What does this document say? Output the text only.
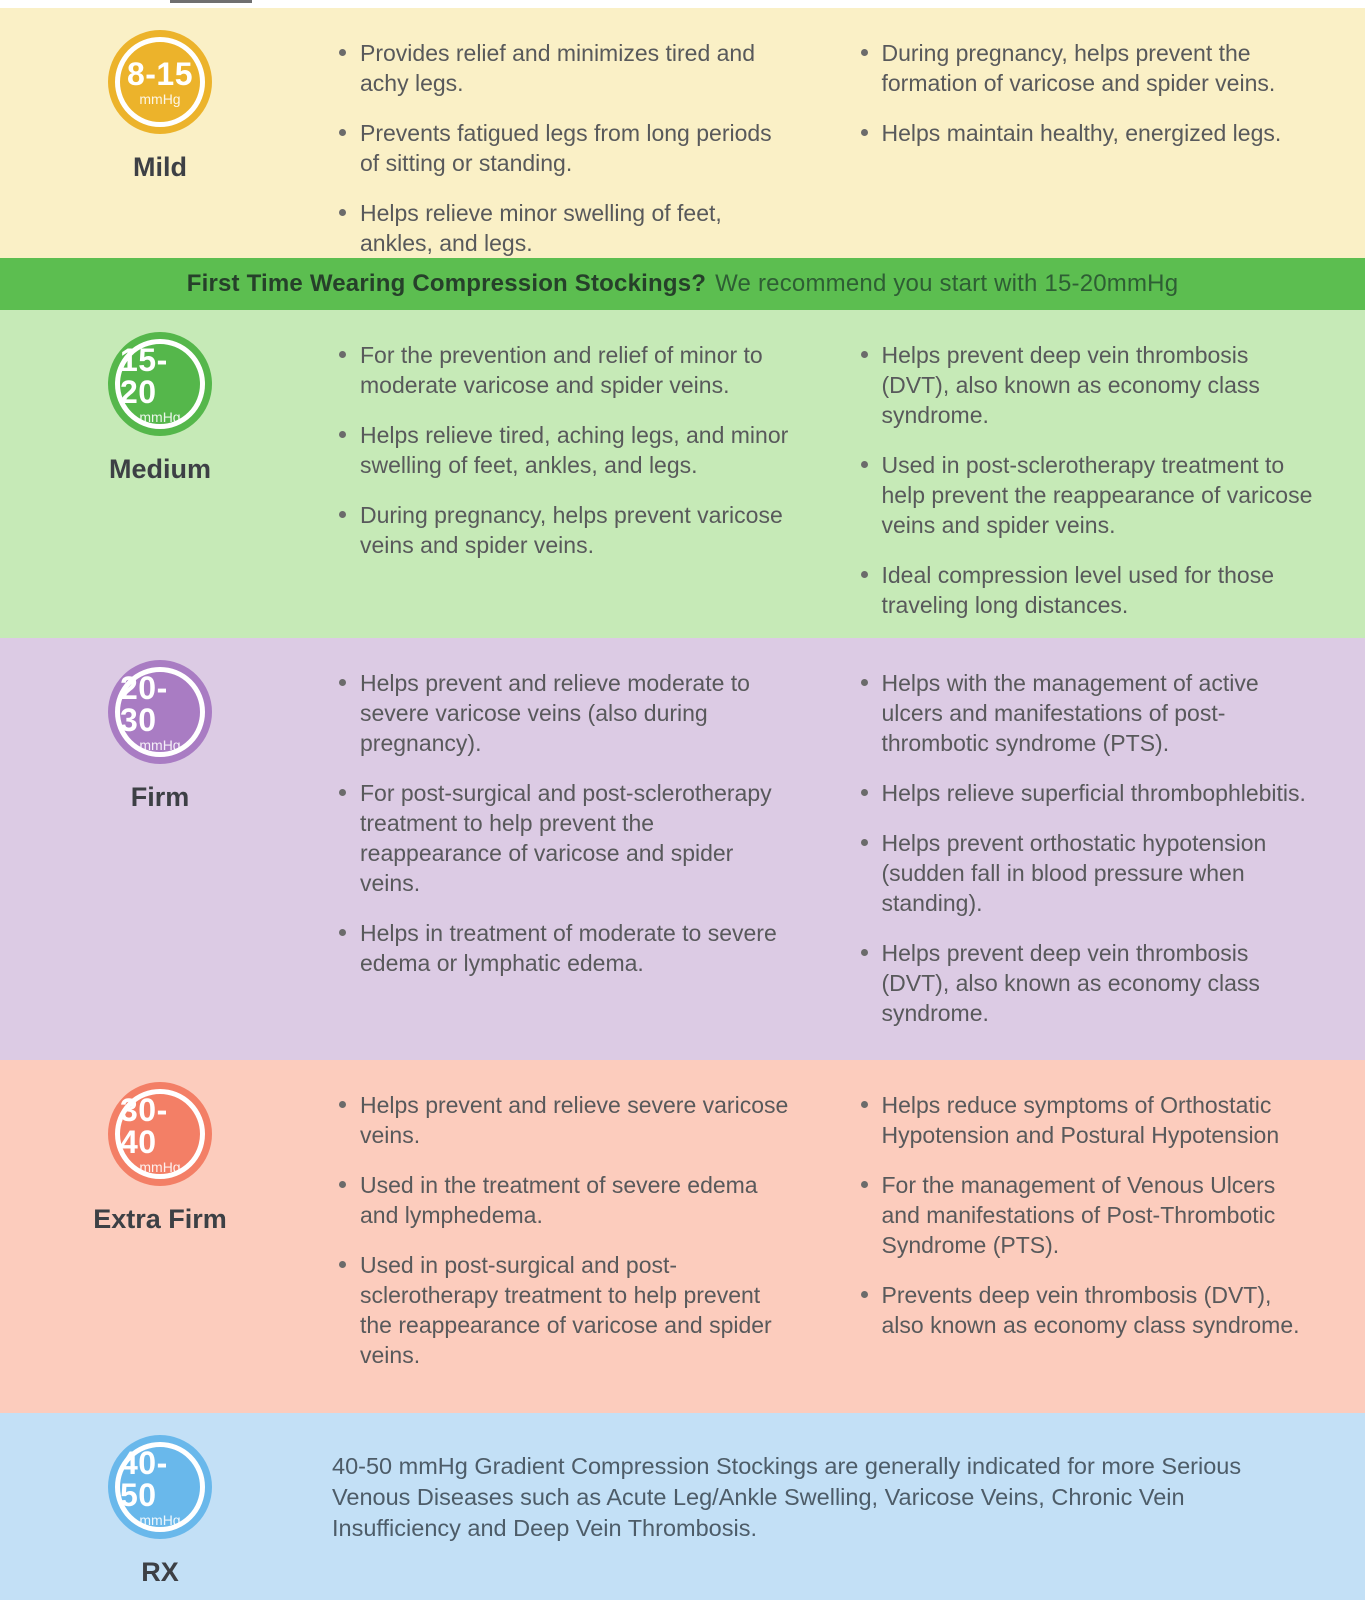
8-15
mmHg
Mild
Provides relief and minimizes tired and achy legs.
Prevents fatigued legs from long periods of sitting or standing.
Helps relieve minor swelling of feet, ankles, and legs.
During pregnancy, helps prevent the formation of varicose and spider veins.
Helps maintain healthy, energized legs.
First Time Wearing Compression Stockings? We recommend you start with 15-20mmHg
15-20
mmHg
Medium
For the prevention and relief of minor to moderate varicose and spider veins.
Helps relieve tired, aching legs, and minor swelling of feet, ankles, and legs.
During pregnancy, helps prevent varicose veins and spider veins.
Helps prevent deep vein thrombosis (DVT), also known as economy class syndrome.
Used in post-sclerotherapy treatment to help prevent the reappearance of varicose veins and spider veins.
Ideal compression level used for those traveling long distances.
20-30
mmHg
Firm
Helps prevent and relieve moderate to severe varicose veins (also during pregnancy).
For post-surgical and post-sclerotherapy treatment to help prevent the reappearance of varicose and spider veins.
Helps in treatment of moderate to severe edema or lymphatic edema.
Helps with the management of active ulcers and manifestations of post-thrombotic syndrome (PTS).
Helps relieve superficial thrombophlebitis.
Helps prevent orthostatic hypotension (sudden fall in blood pressure when standing).
Helps prevent deep vein thrombosis (DVT), also known as economy class syndrome.
30-40
mmHg
Extra Firm
Helps prevent and relieve severe varicose veins.
Used in the treatment of severe edema and lymphedema.
Used in post-surgical and post-sclerotherapy treatment to help prevent the reappearance of varicose and spider veins.
Helps reduce symptoms of Orthostatic Hypotension and Postural Hypotension
For the management of Venous Ulcers and manifestations of Post-Thrombotic Syndrome (PTS).
Prevents deep vein thrombosis (DVT), also known as economy class syndrome.
40-50
mmHg
RX
40-50 mmHg Gradient Compression Stockings are generally indicated for more Serious Venous Diseases such as Acute Leg/Ankle Swelling, Varicose Veins, Chronic Vein Insufficiency and Deep Vein Thrombosis.
